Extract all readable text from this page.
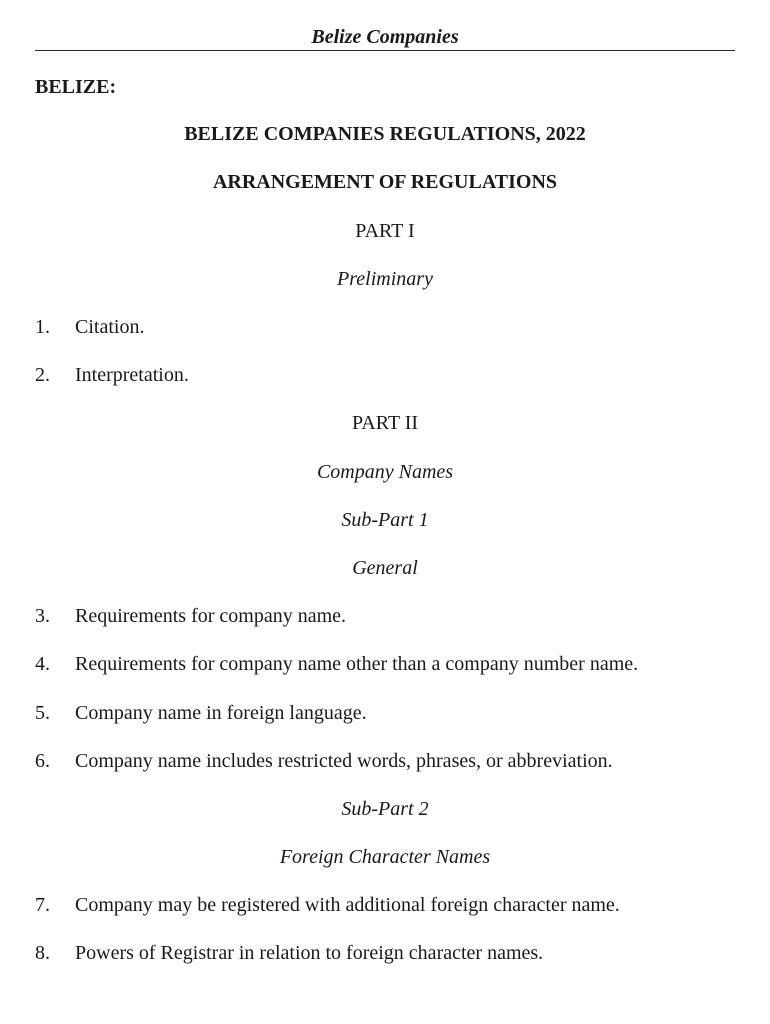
Belize Companies
BELIZE:
BELIZE COMPANIES REGULATIONS, 2022
ARRANGEMENT OF REGULATIONS
PART I
Preliminary
1. Citation.
2. Interpretation.
PART II
Company Names
Sub-Part 1
General
3. Requirements for company name.
4. Requirements for company name other than a company number name.
5. Company name in foreign language.
6. Company name includes restricted words, phrases, or abbreviation.
Sub-Part 2
Foreign Character Names
7. Company may be registered with additional foreign character name.
8. Powers of Registrar in relation to foreign character names.
